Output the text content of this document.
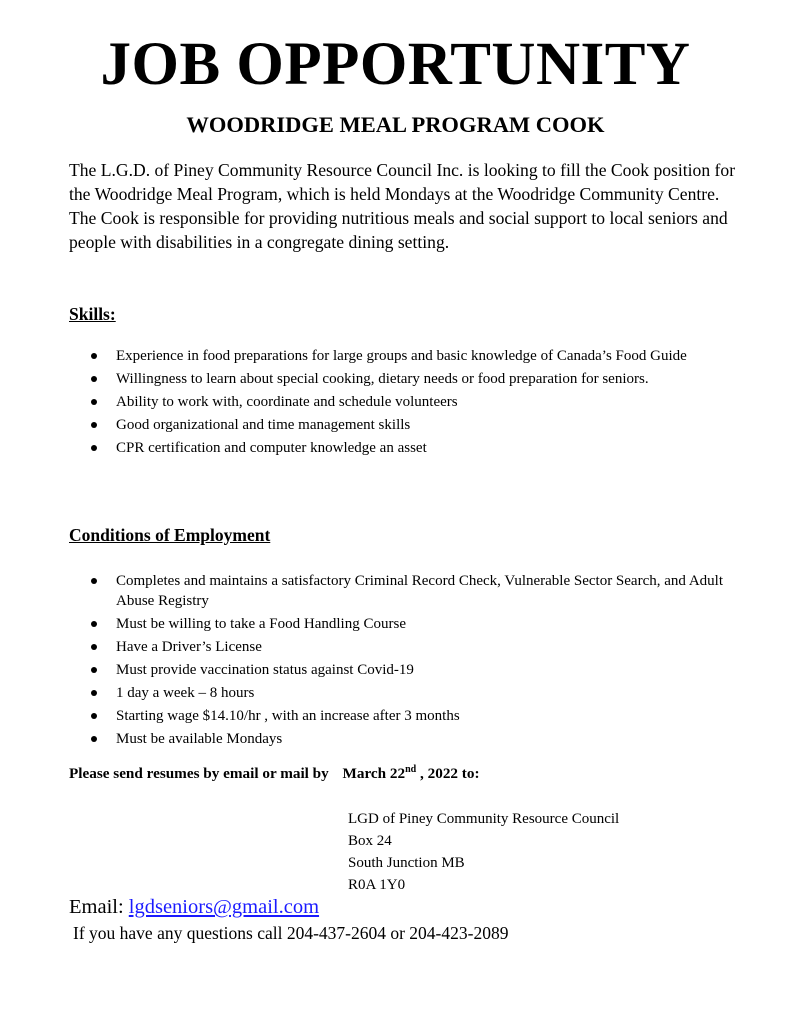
JOB OPPORTUNITY
WOODRIDGE MEAL PROGRAM COOK

The L.G.D. of Piney Community Resource Council Inc. is looking to fill the Cook position for the Woodridge Meal Program, which is held Mondays at the Woodridge Community Centre. The Cook is responsible for providing nutritious meals and social support to local seniors and people with disabilities in a congregate dining setting.

Skills:
Experience in food preparations for large groups and basic knowledge of Canada’s Food Guide
Willingness to learn about special cooking, dietary needs or food preparation for seniors.
Ability to work with, coordinate and schedule volunteers
Good organizational and time management skills
CPR certification and computer knowledge an asset
Conditions of Employment
Completes and maintains a satisfactory Criminal Record Check, Vulnerable Sector Search, and Adult Abuse Registry
Must be willing to take a Food Handling Course
Have a Driver’s License
Must provide vaccination status against Covid-19
1 day a week – 8 hours
Starting wage $14.10/hr , with an increase after 3 months
Must be available Mondays
Please send resumes by email or mail by March 22nd , 2022 to:
LGD of Piney Community Resource Council
Box 24
South Junction MB
R0A 1Y0
Email: lgdseniors@gmail.com
If you have any questions call 204-437-2604 or 204-423-2089
